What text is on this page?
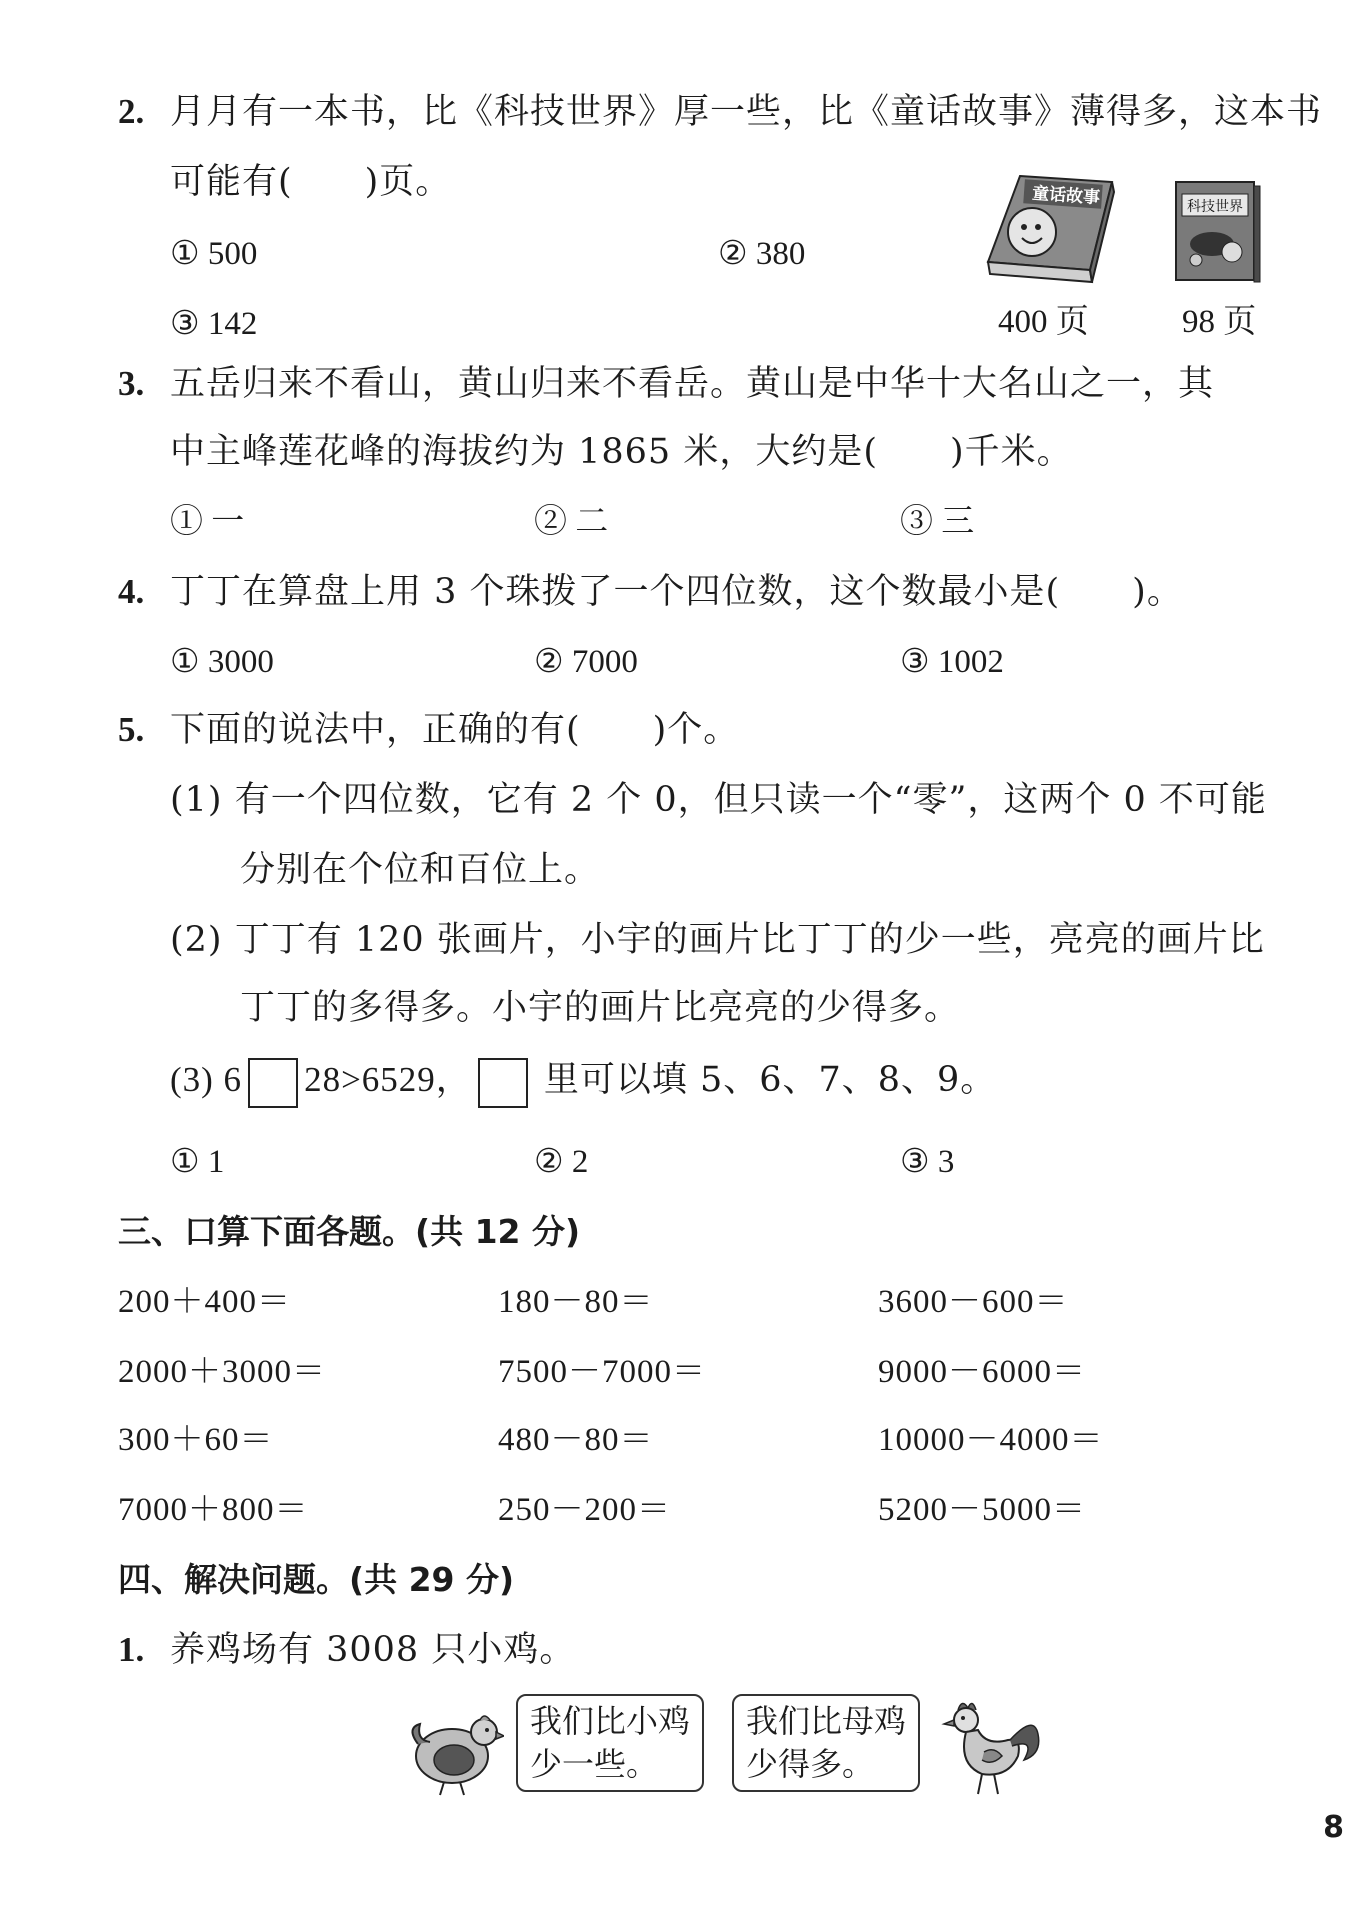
2. 月月有一本书，比《科技世界》厚一些，比《童话故事》薄得多，这本书
可能有(　　)页。
① 500	② 380
③ 142
童话故事	科技世界
400 页	98 页
3. 五岳归来不看山，黄山归来不看岳。黄山是中华十大名山之一，其
中主峰莲花峰的海拔约为 1865 米，大约是(　　)千米。
① 一	② 二	③ 三
4. 丁丁在算盘上用 3 个珠拨了一个四位数，这个数最小是(　　)。
① 3000	② 7000	③ 1002
5. 下面的说法中，正确的有(　　)个。
(1) 有一个四位数，它有 2 个 0，但只读一个“零”，这两个 0 不可能
分别在个位和百位上。
(2) 丁丁有 120 张画片，小宇的画片比丁丁的少一些，亮亮的画片比
丁丁的多得多。小宇的画片比亮亮的少得多。
(3) 6 28>6529， 里可以填 5、6、7、8、9。
① 1	② 2	③ 3
三、口算下面各题。(共 12 分)
200＋400＝	180－80＝	3600－600＝
2000＋3000＝	7500－7000＝	9000－6000＝
300＋60＝	480－80＝	10000－4000＝
7000＋800＝	250－200＝	5200－5000＝
四、解决问题。(共 29 分)
1. 养鸡场有 3008 只小鸡。
我们比小鸡
少一些。
我们比母鸡
少得多。
8
